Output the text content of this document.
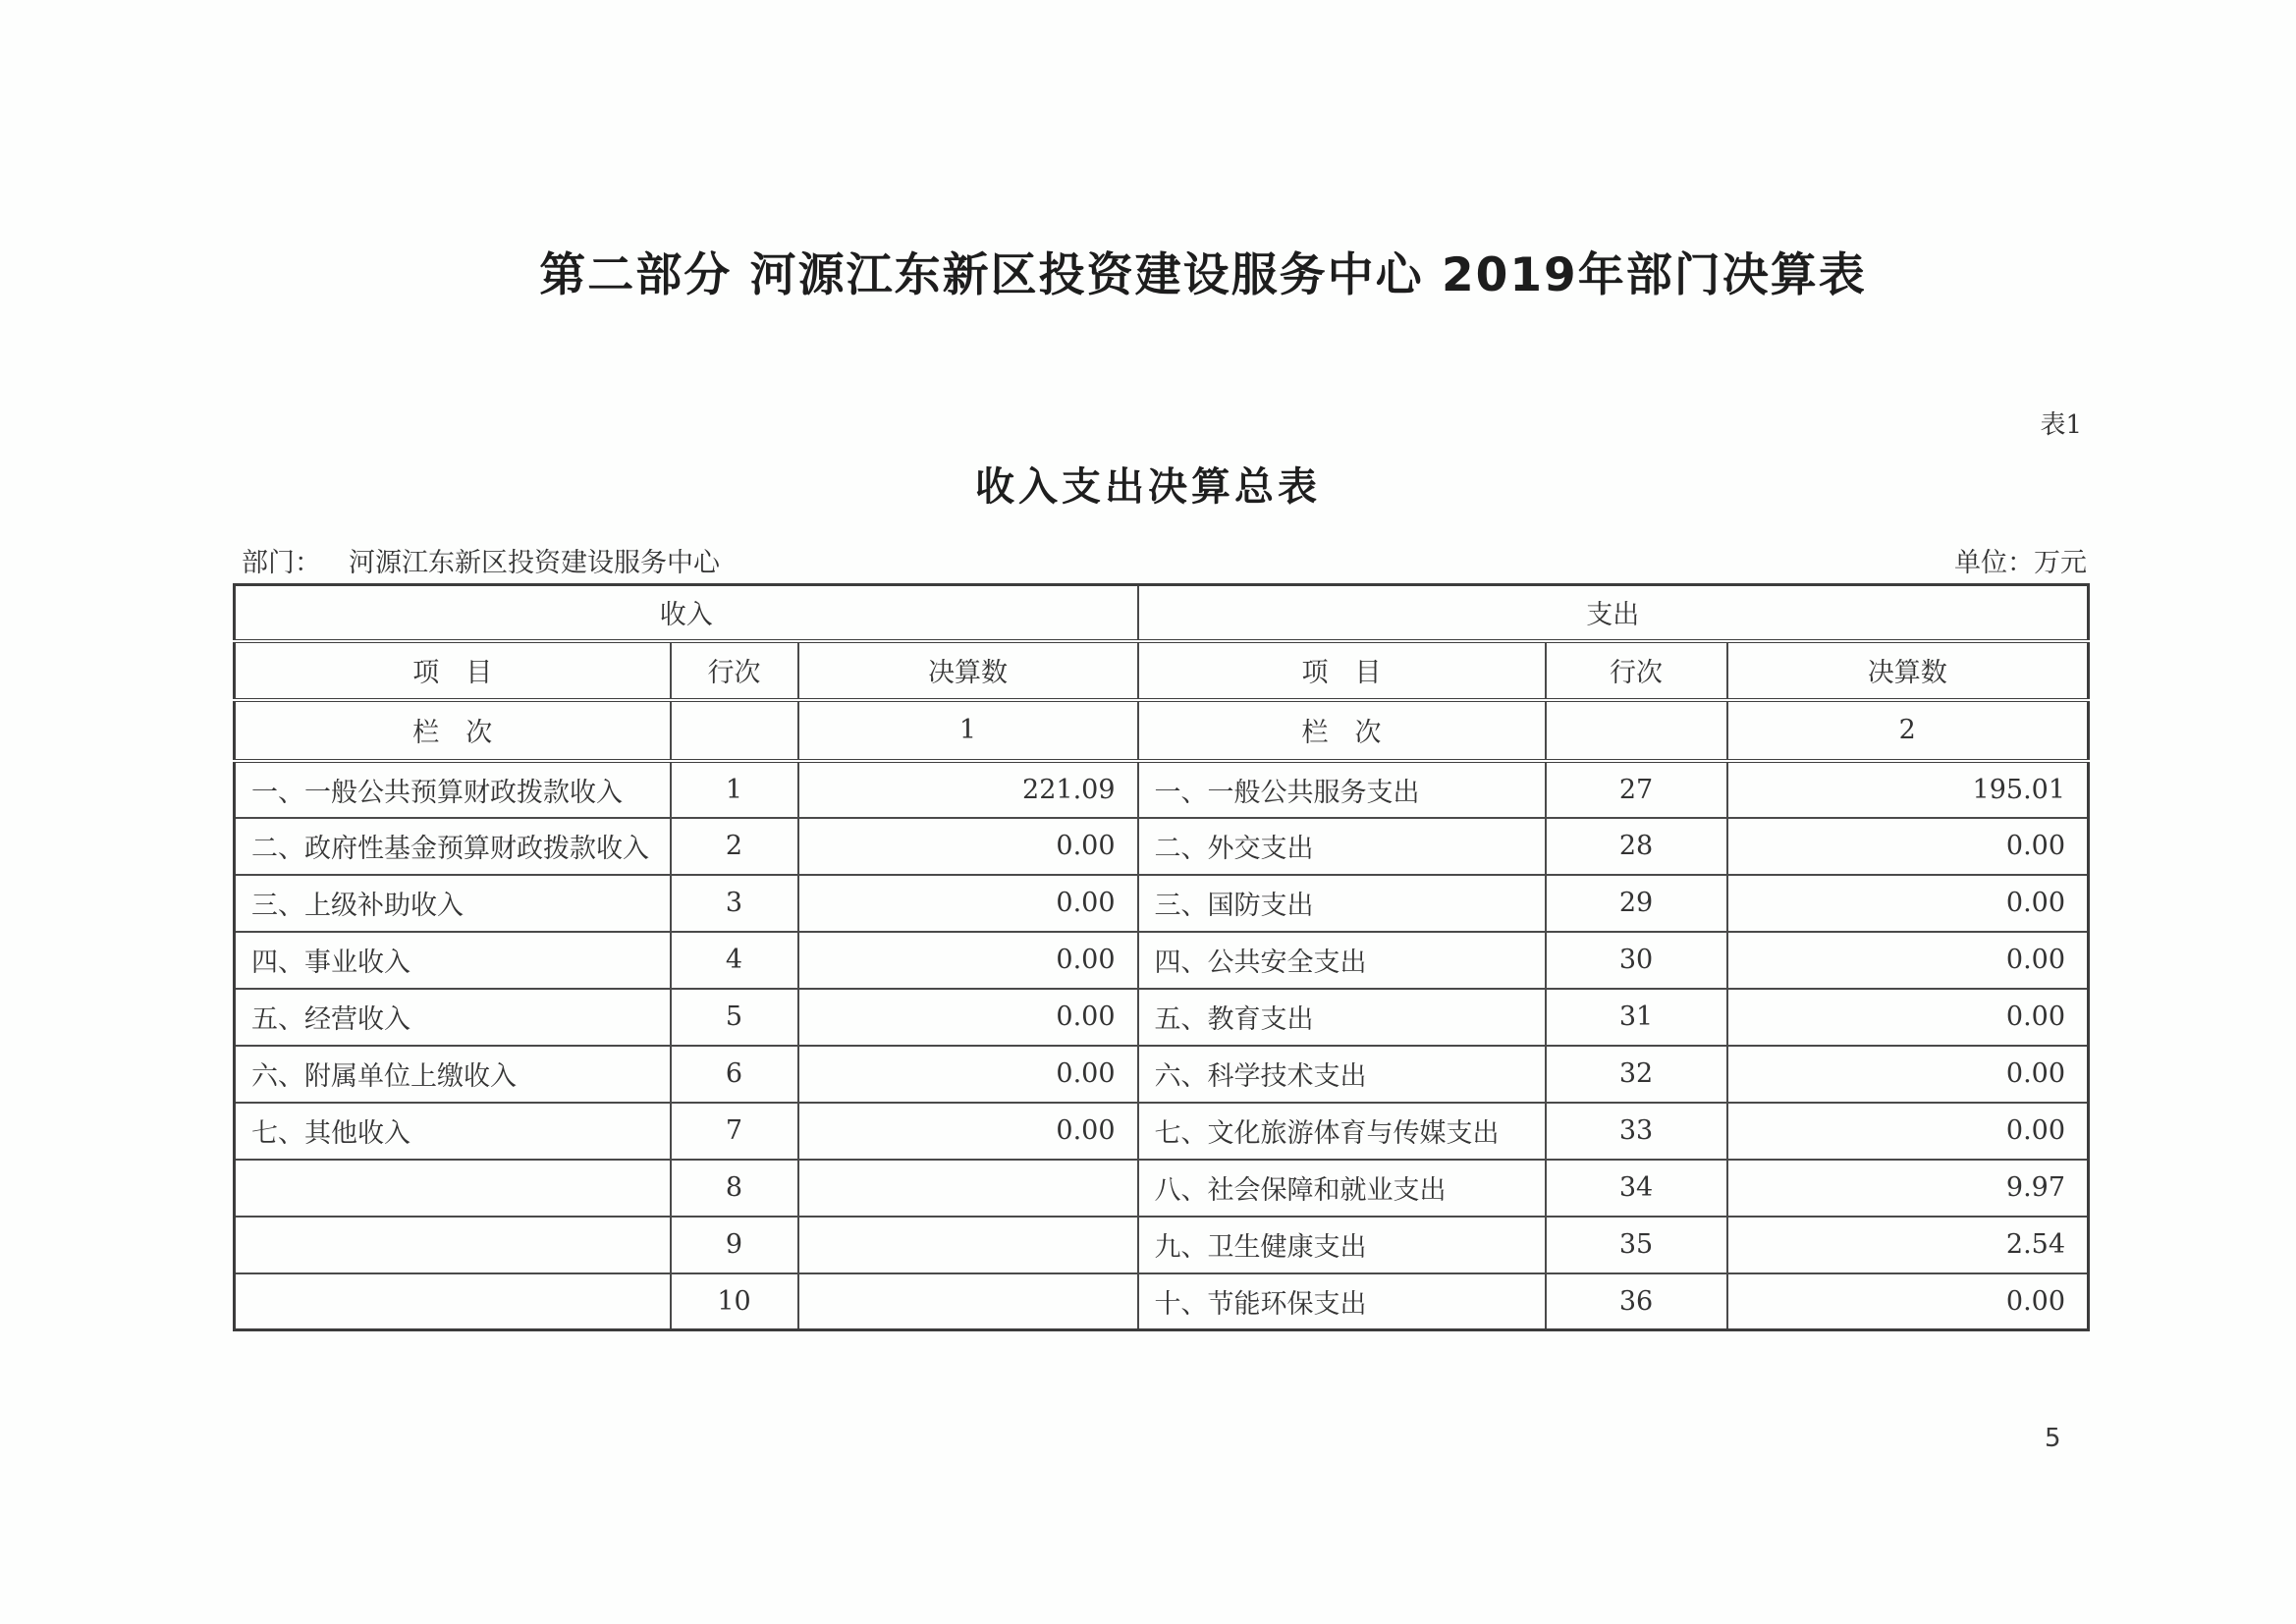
第二部分 河源江东新区投资建设服务中心 2019年部门决算表
表1
收入支出决算总表
部门： 河源江东新区投资建设服务中心	单位：万元
收入			支出		
项　目	行次	决算数	项　目	行次	决算数
栏　次		1	栏　次		2
一、一般公共预算财政拨款收入	1	221.09	一、一般公共服务支出	27	195.01
二、政府性基金预算财政拨款收入	2	0.00	二、外交支出	28	0.00
三、上级补助收入	3	0.00	三、国防支出	29	0.00
四、事业收入	4	0.00	四、公共安全支出	30	0.00
五、经营收入	5	0.00	五、教育支出	31	0.00
六、附属单位上缴收入	6	0.00	六、科学技术支出	32	0.00
七、其他收入	7	0.00	七、文化旅游体育与传媒支出	33	0.00
	8		八、社会保障和就业支出	34	9.97
	9		九、卫生健康支出	35	2.54
	10		十、节能环保支出	36	0.00
5
